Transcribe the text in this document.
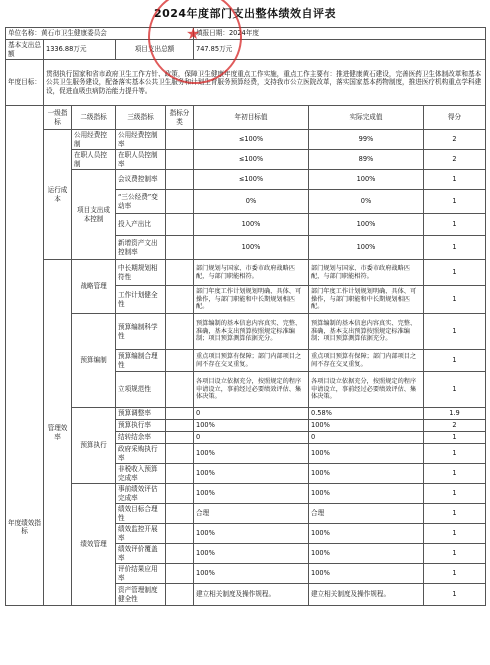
2024年度部门支出整体绩效自评表
单位名称：黄石市卫生健康委员会					填报日期：2024年度		
基本支出总额	1336.88万元		项目支出总额		747.85万元		
年度目标：	贯彻执行国家和省市政府卫生工作方针、政策，保障卫生健康年度重点工作实施，重点工作主要有：推进健康黄石建设，完善医药卫生体制改革和基本公共卫生服务建设，配备落实基本公共卫生服务和计划生育服务预算经费，支持我市公立医院改革，落实国家基本药物制度，推进医疗机构重点学科建设，促进血吸虫病防治能力提升等。						
年度绩效指标	一级指标	二级指标	三级指标	指标分类	年初目标值	实际完成值	得分
	运行成本	公用经费控制	公用经费控制率		≤100%	99%	2
		在职人员控制	在职人员控制率		≤100%	89%	2
		项目支出成本控制	会议费控制率		≤100%	100%	1
			“三公经费”变动率		0%	0%	1
			投入产出比		100%	100%	1
			新增资产文出控制率		100%	100%	1
	管理效率	战略管理	中长期规划相符性		部门规划与国家、市委市政府战略匹配，与部门职能相符。	部门规划与国家、市委市政府战略匹配，与部门职能相符。	1
			工作计划健全性		部门年度工作计划规划明确、具体、可操作，与部门职能和中长期规划相匹配。	部门年度工作计划规划明确、具体、可操作，与部门职能和中长期规划相匹配。	1
		预算编制	预算编制科学性		预算编制的基本信息内容真实、完整、准确，基本支出预算按照规定标准编制；项目预算测算依据充分。	预算编制的基本信息内容真实、完整、准确，基本支出预算按照规定标准编制；项目预算测算依据充分。	1
			预算编制合理性		重点项目预算有保障；部门内部项目之间不存在交叉重复。	重点项目预算有保障；部门内部项目之间不存在交叉重复。	1
			立项规范性		各项目设立依据充分，按照规定的程序申请设立，事前经过必要绩效评估、集体决策。	各项目设立依据充分，按照规定的程序申请设立，事前经过必要绩效评估、集体决策。	1
		预算执行	预算调整率		0	0.58%	1.9
			预算执行率		100%	100%	2
			结转结余率		0	0	1
			政府采购执行率		100%	100%	1
			非税收入预算完成率		100%	100%	1
		绩效管理	事前绩效评估完成率		100%	100%	1
			绩效目标合理性		合理	合理	1
			绩效监控开展率		100%	100%	1
			绩效评价覆盖率		100%	100%	1
			评价结果应用率		100%	100%	1
			资产管理制度健全性		建立相关制度及操作规程。	建立相关制度及操作规程。	1
★
